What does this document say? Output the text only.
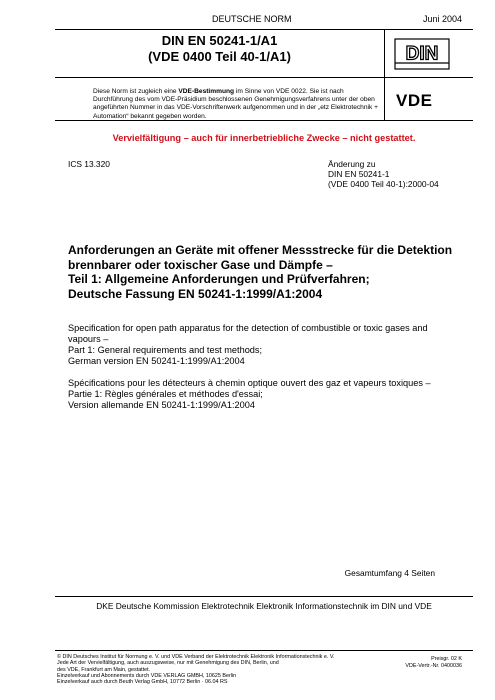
DEUTSCHE NORM	Juni 2004
DIN EN 50241-1/A1
(VDE 0400 Teil 40-1/A1)	DIN
Diese Norm ist zugleich eine VDE-Bestimmung im Sinne von VDE 0022. Sie ist nach Durchführung des vom VDE-Präsidium beschlossenen Genehmigungsverfahrens unter der oben angeführten Nummer in das VDE-Vorschriftenwerk aufgenommen und in der „etz Elektrotechnik + Automation“ bekannt gegeben worden.
VDE
Vervielfältigung – auch für innerbetriebliche Zwecke – nicht gestattet.
ICS 13.320	Änderung zu
DIN EN 50241-1
(VDE 0400 Teil 40-1):2000-04
Anforderungen an Geräte mit offener Messstrecke für die Detektion
brennbarer oder toxischer Gase und Dämpfe –
Teil 1: Allgemeine Anforderungen und Prüfverfahren;
Deutsche Fassung EN 50241-1:1999/A1:2004
Specification for open path apparatus for the detection of combustible or toxic gases and
vapours –
Part 1: General requirements and test methods;
German version EN 50241-1:1999/A1:2004
Spécifications pour les détecteurs à chemin optique ouvert des gaz et vapeurs toxiques –
Partie 1: Règles générales et méthodes d'essai;
Version allemande EN 50241-1:1999/A1:2004
Gesamtumfang 4 Seiten
DKE Deutsche Kommission Elektrotechnik Elektronik Informationstechnik im DIN und VDE
© DIN Deutsches Institut für Normung e. V. und VDE Verband der Elektrotechnik Elektronik Informationstechnik e. V.
Jede Art der Vervielfältigung, auch auszugsweise, nur mit Genehmigung des DIN, Berlin, und
des VDE, Frankfurt am Main, gestattet.
Einzelverkauf und Abonnements durch VDE VERLAG GMBH, 10625 Berlin
Einzelverkauf auch durch Beuth Verlag GmbH, 10772 Berlin · 06.04 RS
Preisgr. 02 K
VDE-Vertr.-Nr. 0400036
